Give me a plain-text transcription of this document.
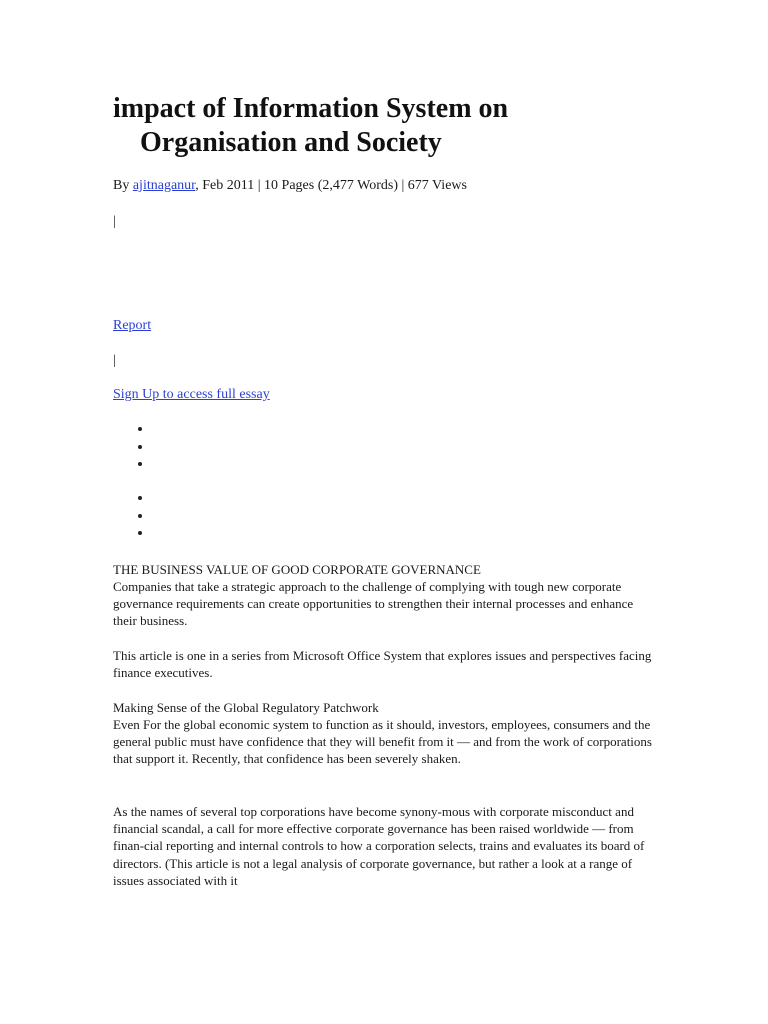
impact of Information System on
Organisation and Society
By ajitnaganur, Feb 2011 | 10 Pages (2,477 Words) | 677 Views
|
Report
|
Sign Up to access full essay

THE BUSINESS VALUE OF GOOD CORPORATE GOVERNANCE

Companies that take a strategic approach to the challenge of complying with tough new corporate governance requirements can create opportunities to strengthen their internal processes and enhance their business.

This article is one in a series from Microsoft Office System that explores issues and perspectives facing finance executives.

Making Sense of the Global Regulatory Patchwork

Even For the global economic system to function as it should, investors, employees, consumers and the general public must have confidence that they will benefit from it — and from the work of corporations that support it. Recently, that confidence has been severely shaken.

As the names of several top corporations have become synony-mous with corporate misconduct and financial scandal, a call for more effective corporate governance has been raised worldwide — from finan-cial reporting and internal controls to how a corporation selects, trains and evaluates its board of directors. (This article is not a legal analysis of corporate governance, but rather a look at a range of issues associated with it
